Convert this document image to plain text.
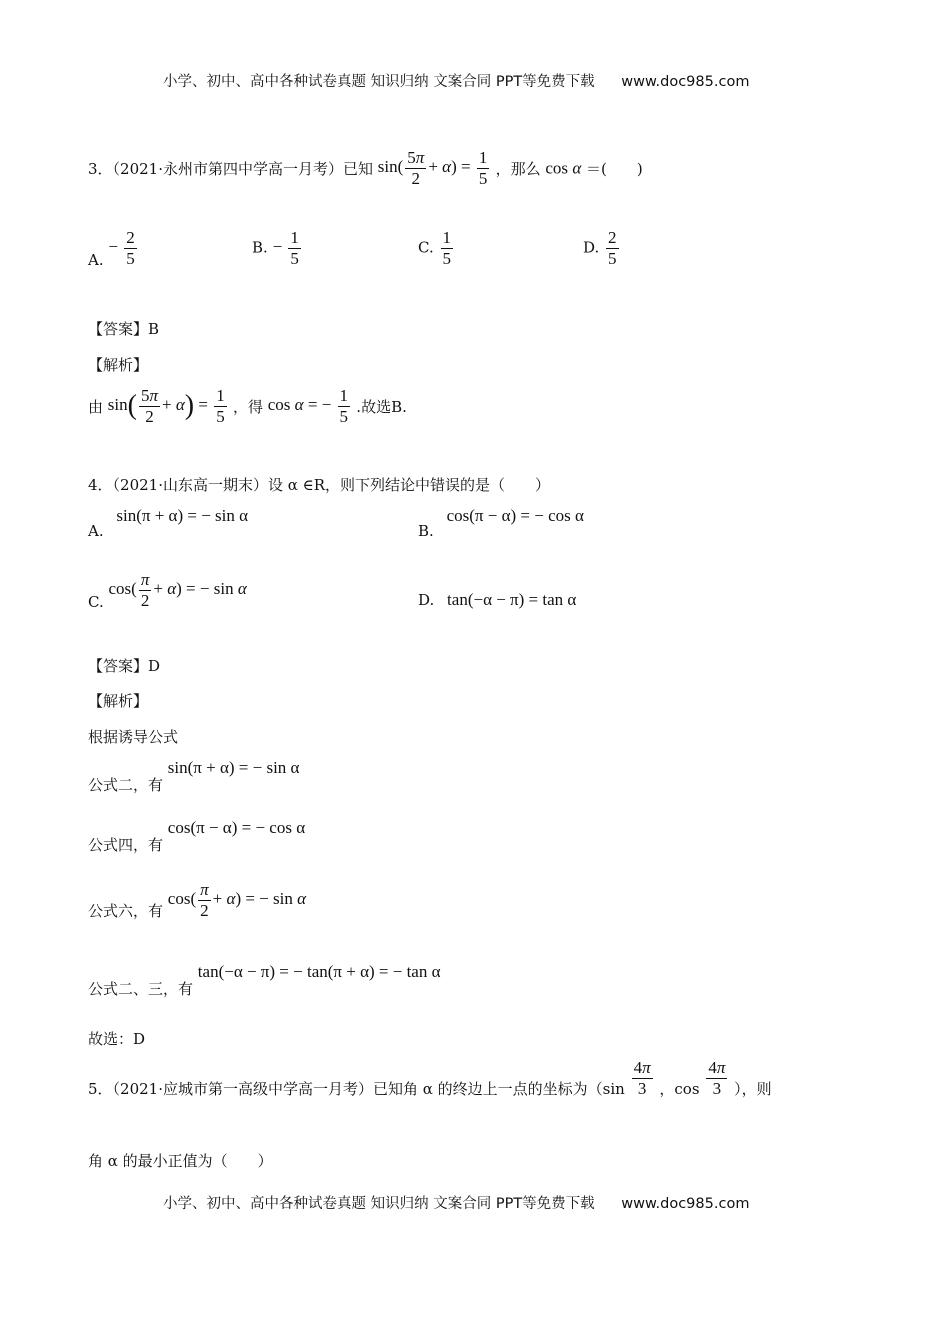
小学、初中、高中各种试卷真题 知识归纳 文案合同 PPT等免费下载 www.doc985.com
3．（2021·永州市第四中学高一月考）已知 $\sin( \frac{5\pi}{2} + \alpha) = \frac{1}{5}$ ，那么 cos α ＝(　　)
A. − $\frac{2}{5}$	B. − $\frac{1}{5}$	C. $\frac{1}{5}$	D. $\frac{2}{5}$
【答案】B
【解析】
由 $\sin( \frac{5\pi}{2} + \alpha) = \frac{1}{5}$ ，得 cos α = − $\frac{1}{5}$ .故选B.
4．（2021·山东高一期末）设 α ∈R，则下列结论中错误的是（　　）
A. sin(π + α) = − sin α
B. cos(π − α) = − cos α
C. $\cos( \frac{\pi}{2} + \alpha)$ = − sin α
D. tan(−α − π) = tan α
【答案】D
【解析】
根据诱导公式
公式二，有 sin(π + α) = − sin α
公式四，有 cos(π − α) = − cos α
公式六，有 $\cos( \frac{\pi}{2} + \alpha)$ = − sin α
公式二、三，有 tan(−α − π) = − tan(π + α) = − tan α
故选：D
5．（2021·应城市第一高级中学高一月考）已知角 α 的终边上一点的坐标为（$\sin \frac{4\pi}{3}$ ，$\cos \frac{4\pi}{3}$ ），则
角 α 的最小正值为（　　）
小学、初中、高中各种试卷真题 知识归纳 文案合同 PPT等免费下载 www.doc985.com
